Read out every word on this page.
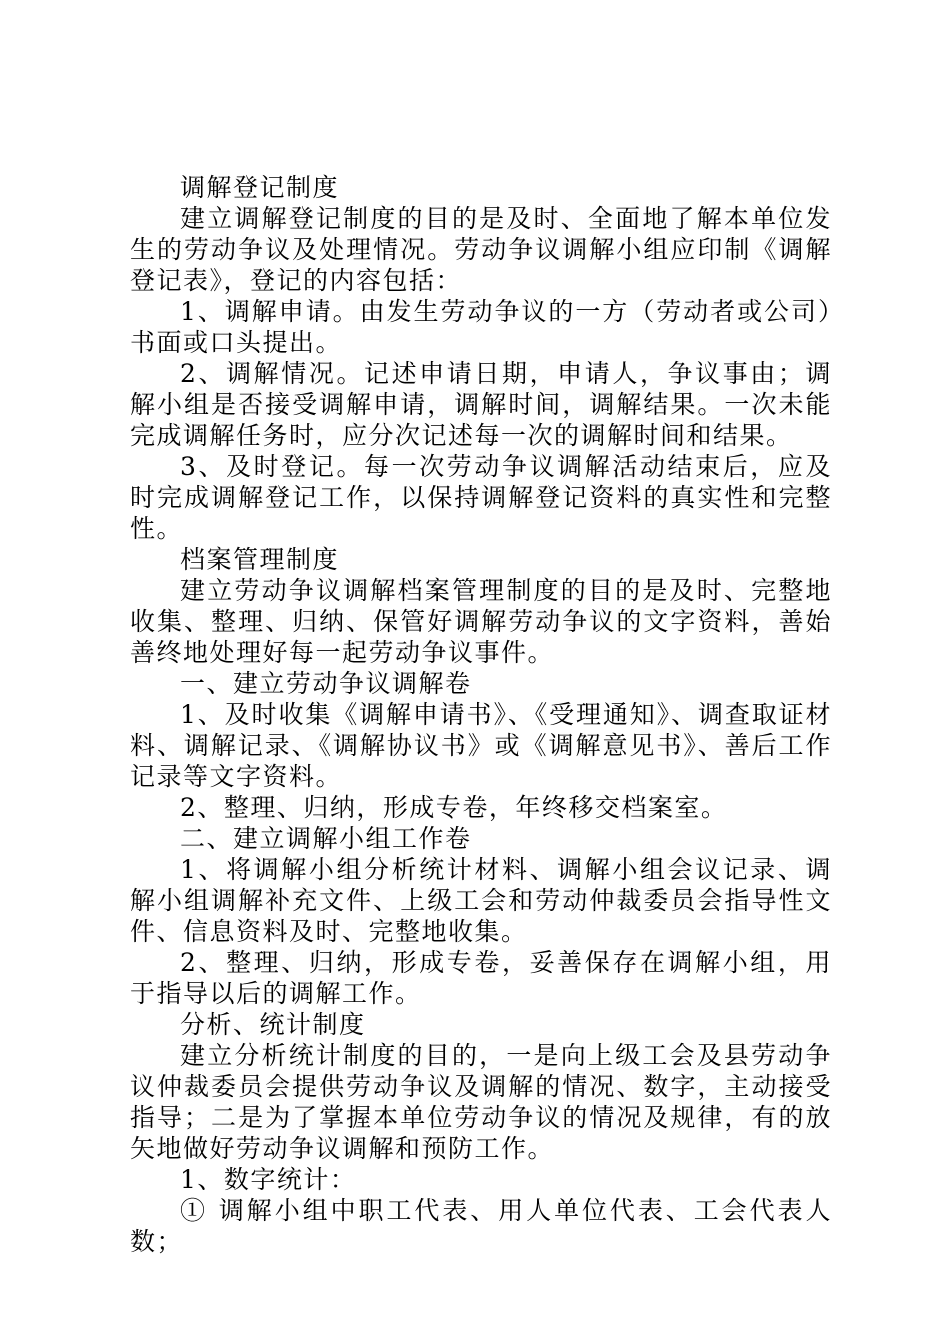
调解登记制度

建立调解登记制度的目的是及时、全面地了解本单位发生的劳动争议及处理情况。劳动争议调解小组应印制《调解登记表》，登记的内容包括：

1、调解申请。由发生劳动争议的一方（劳动者或公司）书面或口头提出。

2、调解情况。记述申请日期，申请人，争议事由；调解小组是否接受调解申请，调解时间，调解结果。一次未能完成调解任务时，应分次记述每一次的调解时间和结果。

3、及时登记。每一次劳动争议调解活动结束后，应及时完成调解登记工作，以保持调解登记资料的真实性和完整性。

档案管理制度

建立劳动争议调解档案管理制度的目的是及时、完整地收集、整理、归纳、保管好调解劳动争议的文字资料，善始善终地处理好每一起劳动争议事件。

一、建立劳动争议调解卷

1、及时收集《调解申请书》、《受理通知》、调查取证材料、调解记录、《调解协议书》或《调解意见书》、善后工作记录等文字资料。

2、整理、归纳，形成专卷，年终移交档案室。

二、建立调解小组工作卷

1、将调解小组分析统计材料、调解小组会议记录、调解小组调解补充文件、上级工会和劳动仲裁委员会指导性文件、信息资料及时、完整地收集。

2、整理、归纳，形成专卷，妥善保存在调解小组，用于指导以后的调解工作。

分析、统计制度

建立分析统计制度的目的，一是向上级工会及县劳动争议仲裁委员会提供劳动争议及调解的情况、数字，主动接受指导；二是为了掌握本单位劳动争议的情况及规律，有的放矢地做好劳动争议调解和预防工作。

1、数字统计：

① 调解小组中职工代表、用人单位代表、工会代表人数；
